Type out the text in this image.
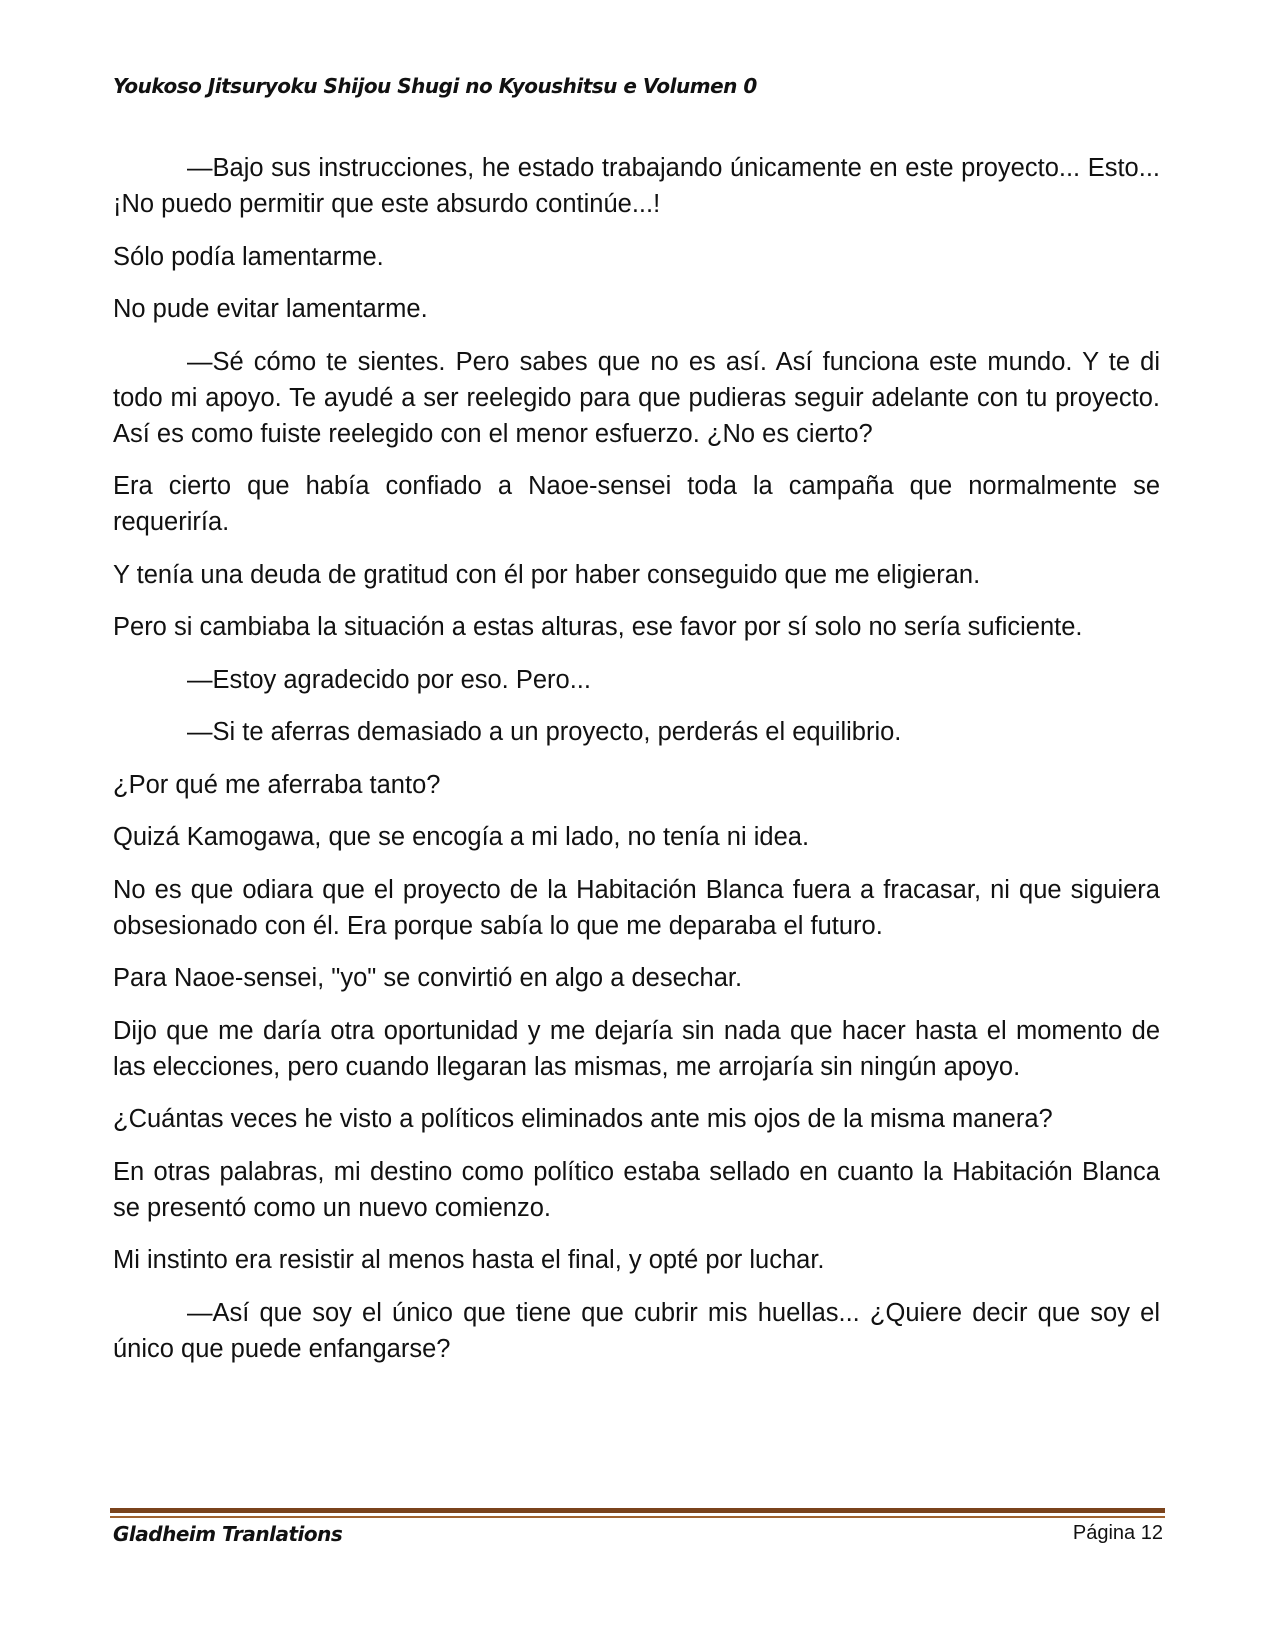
Youkoso Jitsuryoku Shijou Shugi no Kyoushitsu e Volumen 0

—Bajo sus instrucciones, he estado trabajando únicamente en este proyecto... Esto... ¡No puedo permitir que este absurdo continúe...!

Sólo podía lamentarme.

No pude evitar lamentarme.

—Sé cómo te sientes. Pero sabes que no es así. Así funciona este mundo. Y te di todo mi apoyo. Te ayudé a ser reelegido para que pudieras seguir adelante con tu proyecto. Así es como fuiste reelegido con el menor esfuerzo. ¿No es cierto?

Era cierto que había confiado a Naoe-sensei toda la campaña que normalmente se requeriría.

Y tenía una deuda de gratitud con él por haber conseguido que me eligieran.

Pero si cambiaba la situación a estas alturas, ese favor por sí solo no sería suficiente.

—Estoy agradecido por eso. Pero...

—Si te aferras demasiado a un proyecto, perderás el equilibrio.

¿Por qué me aferraba tanto?

Quizá Kamogawa, que se encogía a mi lado, no tenía ni idea.

No es que odiara que el proyecto de la Habitación Blanca fuera a fracasar, ni que siguiera obsesionado con él. Era porque sabía lo que me deparaba el futuro.

Para Naoe-sensei, "yo" se convirtió en algo a desechar.

Dijo que me daría otra oportunidad y me dejaría sin nada que hacer hasta el momento de las elecciones, pero cuando llegaran las mismas, me arrojaría sin ningún apoyo.

¿Cuántas veces he visto a políticos eliminados ante mis ojos de la misma manera?

En otras palabras, mi destino como político estaba sellado en cuanto la Habitación Blanca se presentó como un nuevo comienzo.

Mi instinto era resistir al menos hasta el final, y opté por luchar.

—Así que soy el único que tiene que cubrir mis huellas... ¿Quiere decir que soy el único que puede enfangarse?

Gladheim Tranlations	Página 12
